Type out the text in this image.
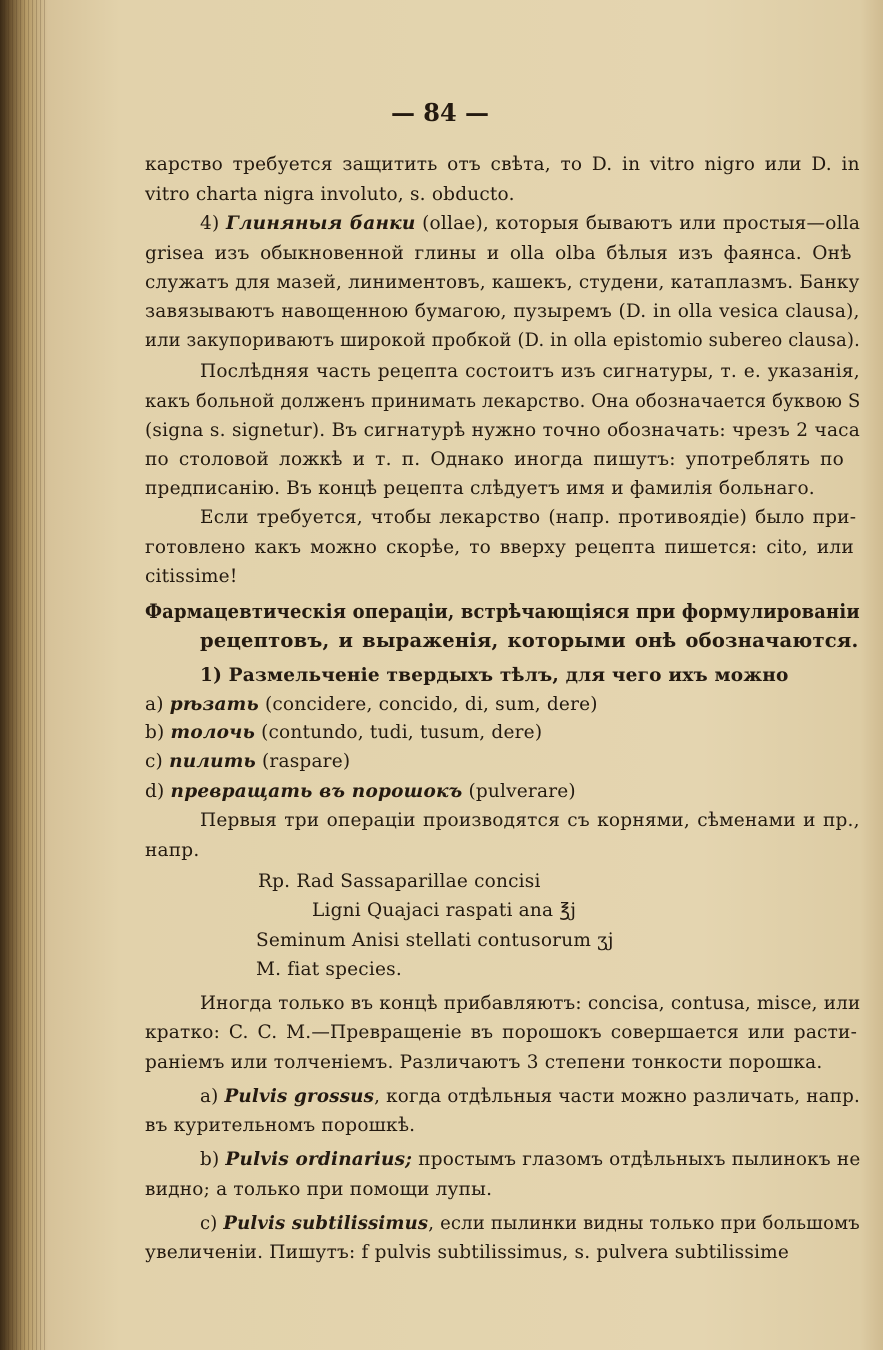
— 84 —
карство требуется защитить отъ свѣта, то D. in vitro nigro или D. in
vitro charta nigra involuto, s. obducto.
4) Глиняныя банки (ollae), которыя бываютъ или простыя—olla
grisea изъ обыкновенной глины и olla olba бѣлыя изъ фаянса. Онѣ
служатъ для мазей, линиментовъ, кашекъ, студени, катаплазмъ. Банку
завязываютъ навощенною бумагою, пузыремъ (D. in olla vesica clausa),
или закупориваютъ широкой пробкой (D. in olla epistomio subereo clausa).
Послѣдняя часть рецепта состоитъ изъ сигнатуры, т. е. указанія,
какъ больной долженъ принимать лекарство. Она обозначается буквою S
(signa s. signetur). Въ сигнатурѣ нужно точно обозначать: чрезъ 2 часа
по столовой ложкѣ и т. п. Однако иногда пишутъ: употреблять по
предписанію. Въ концѣ рецепта слѣдуетъ имя и фамилія больнаго.
Если требуется, чтобы лекарство (напр. противоядіе) было при-
готовлено какъ можно скорѣе, то вверху рецепта пишется: cito, или
citissime!
Фармацевтическія операціи, встрѣчающіяся при формулированіи
рецептовъ, и выраженія, которыми онѣ обозначаются.
1) Размельченіе твердыхъ тѣлъ, для чего ихъ можно
a) рѣзать (concidere, concido, di, sum, dere)
b) толочь (contundo, tudi, tusum, dere)
c) пилить (raspare)
d) превращать въ порошокъ (pulverare)
Первыя три операціи производятся съ корнями, сѣменами и пр.,
напр.
Rp. Rad Sassaparillae concisi
Ligni Quajaci raspati ana ℥j
Seminum Anisi stellati contusorum ʒj
M. fiat species.
Иногда только въ концѣ прибавляютъ: concisa, contusa, misce, или
кратко: C. C. M.—Превращеніе въ порошокъ совершается или расти-
раніемъ или толченіемъ. Различаютъ 3 степени тонкости порошка.
a) Pulvis grossus, когда отдѣльныя части можно различать, напр.
въ курительномъ порошкѣ.
b) Pulvis ordinarius; простымъ глазомъ отдѣльныхъ пылинокъ не
видно; а только при помощи лупы.
c) Pulvis subtilissimus, если пылинки видны только при большомъ
увеличеніи. Пишутъ: f pulvis subtilissimus, s. pulvera subtilissime
